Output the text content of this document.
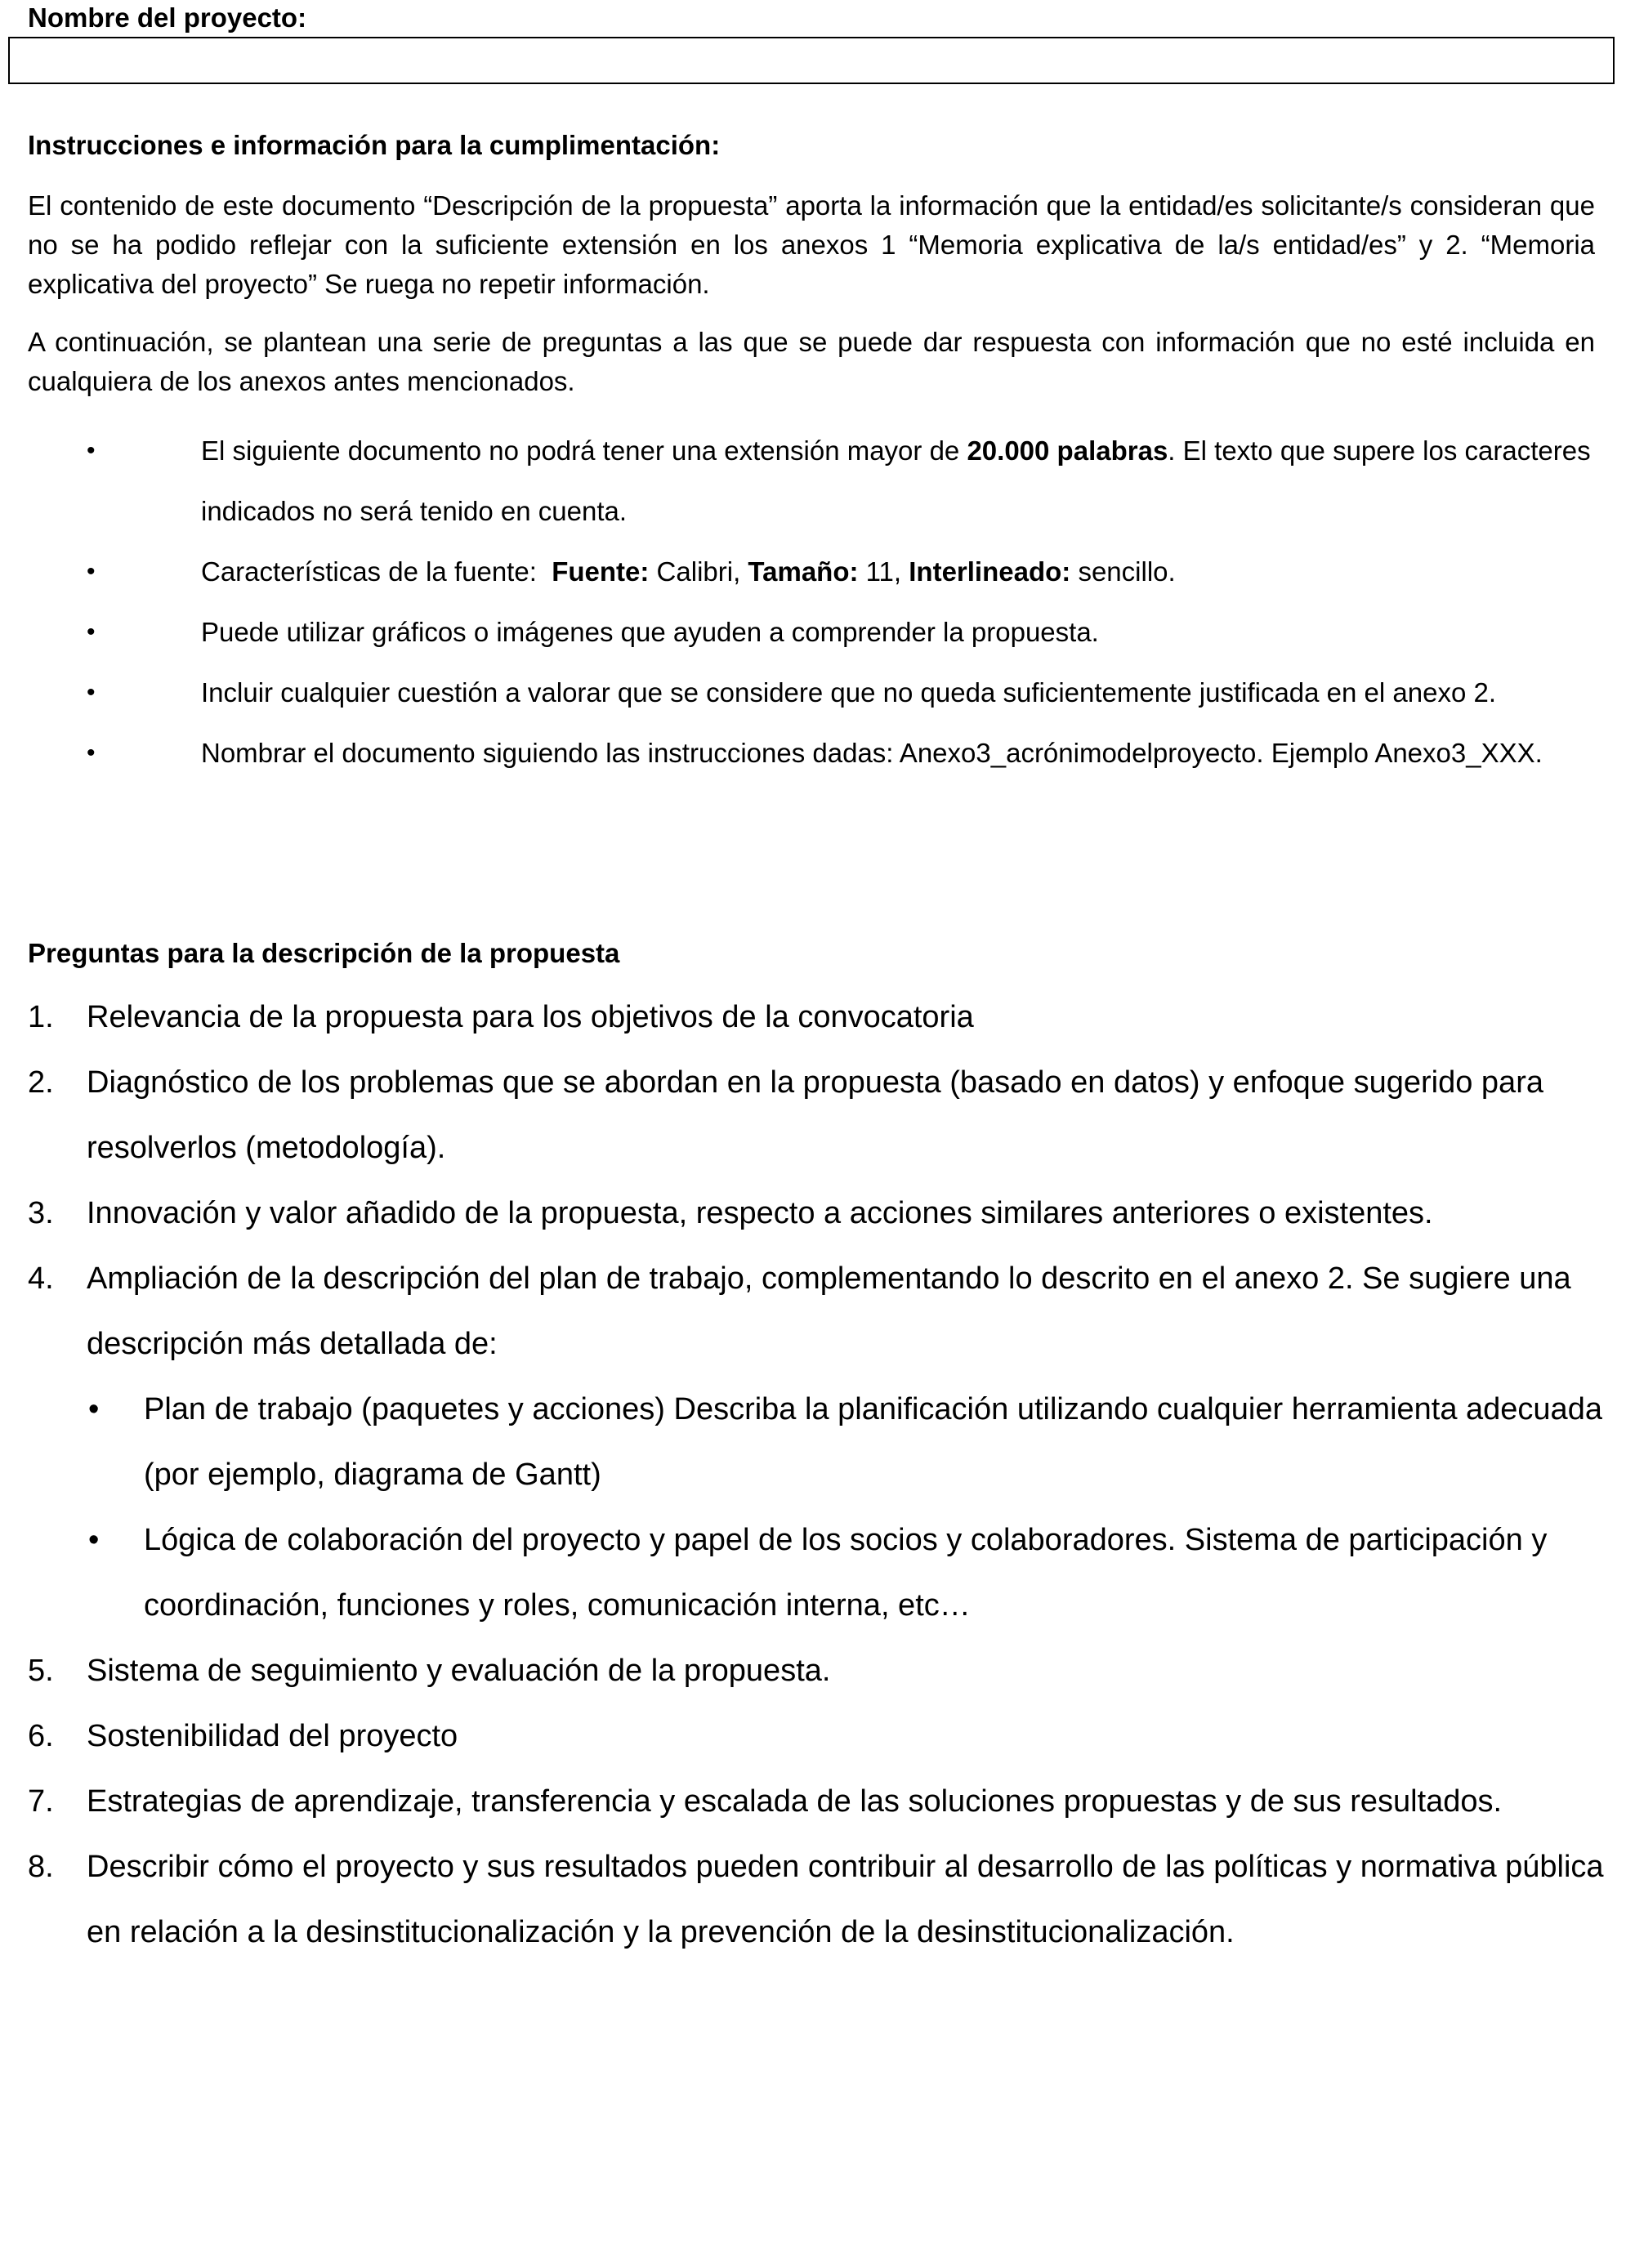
Nombre del proyecto:
Instrucciones e información para la cumplimentación:
El contenido de este documento “Descripción de la propuesta” aporta la información que la entidad/es solicitante/s consideran que no se ha podido reflejar con la suficiente extensión en los anexos 1 “Memoria explicativa de la/s entidad/es” y 2. “Memoria explicativa del proyecto” Se ruega no repetir información.
A continuación, se plantean una serie de preguntas a las que se puede dar respuesta con información que no esté incluida en cualquiera de los anexos antes mencionados.
•	El siguiente documento no podrá tener una extensión mayor de 20.000 palabras. El texto que supere los caracteres indicados no será tenido en cuenta.
•	Características de la fuente:  Fuente: Calibri, Tamaño: 11, Interlineado: sencillo.
•	Puede utilizar gráficos o imágenes que ayuden a comprender la propuesta.
•	Incluir cualquier cuestión a valorar que se considere que no queda suficientemente justificada en el anexo 2.
•	Nombrar el documento siguiendo las instrucciones dadas: Anexo3_acrónimodelproyecto. Ejemplo Anexo3_XXX.
Preguntas para la descripción de la propuesta
1. Relevancia de la propuesta para los objetivos de la convocatoria
2. Diagnóstico de los problemas que se abordan en la propuesta (basado en datos) y enfoque sugerido para resolverlos (metodología).
3. Innovación y valor añadido de la propuesta, respecto a acciones similares anteriores o existentes.
4. Ampliación de la descripción del plan de trabajo, complementando lo descrito en el anexo 2. Se sugiere una descripción más detallada de:
• Plan de trabajo (paquetes y acciones) Describa la planificación utilizando cualquier herramienta adecuada (por ejemplo, diagrama de Gantt)
• Lógica de colaboración del proyecto y papel de los socios y colaboradores. Sistema de participación y coordinación, funciones y roles, comunicación interna, etc…
5. Sistema de seguimiento y evaluación de la propuesta.
6. Sostenibilidad del proyecto
7. Estrategias de aprendizaje, transferencia y escalada de las soluciones propuestas y de sus resultados.
8. Describir cómo el proyecto y sus resultados pueden contribuir al desarrollo de las políticas y normativa pública en relación a la desinstitucionalización y la prevención de la desinstitucionalización.
